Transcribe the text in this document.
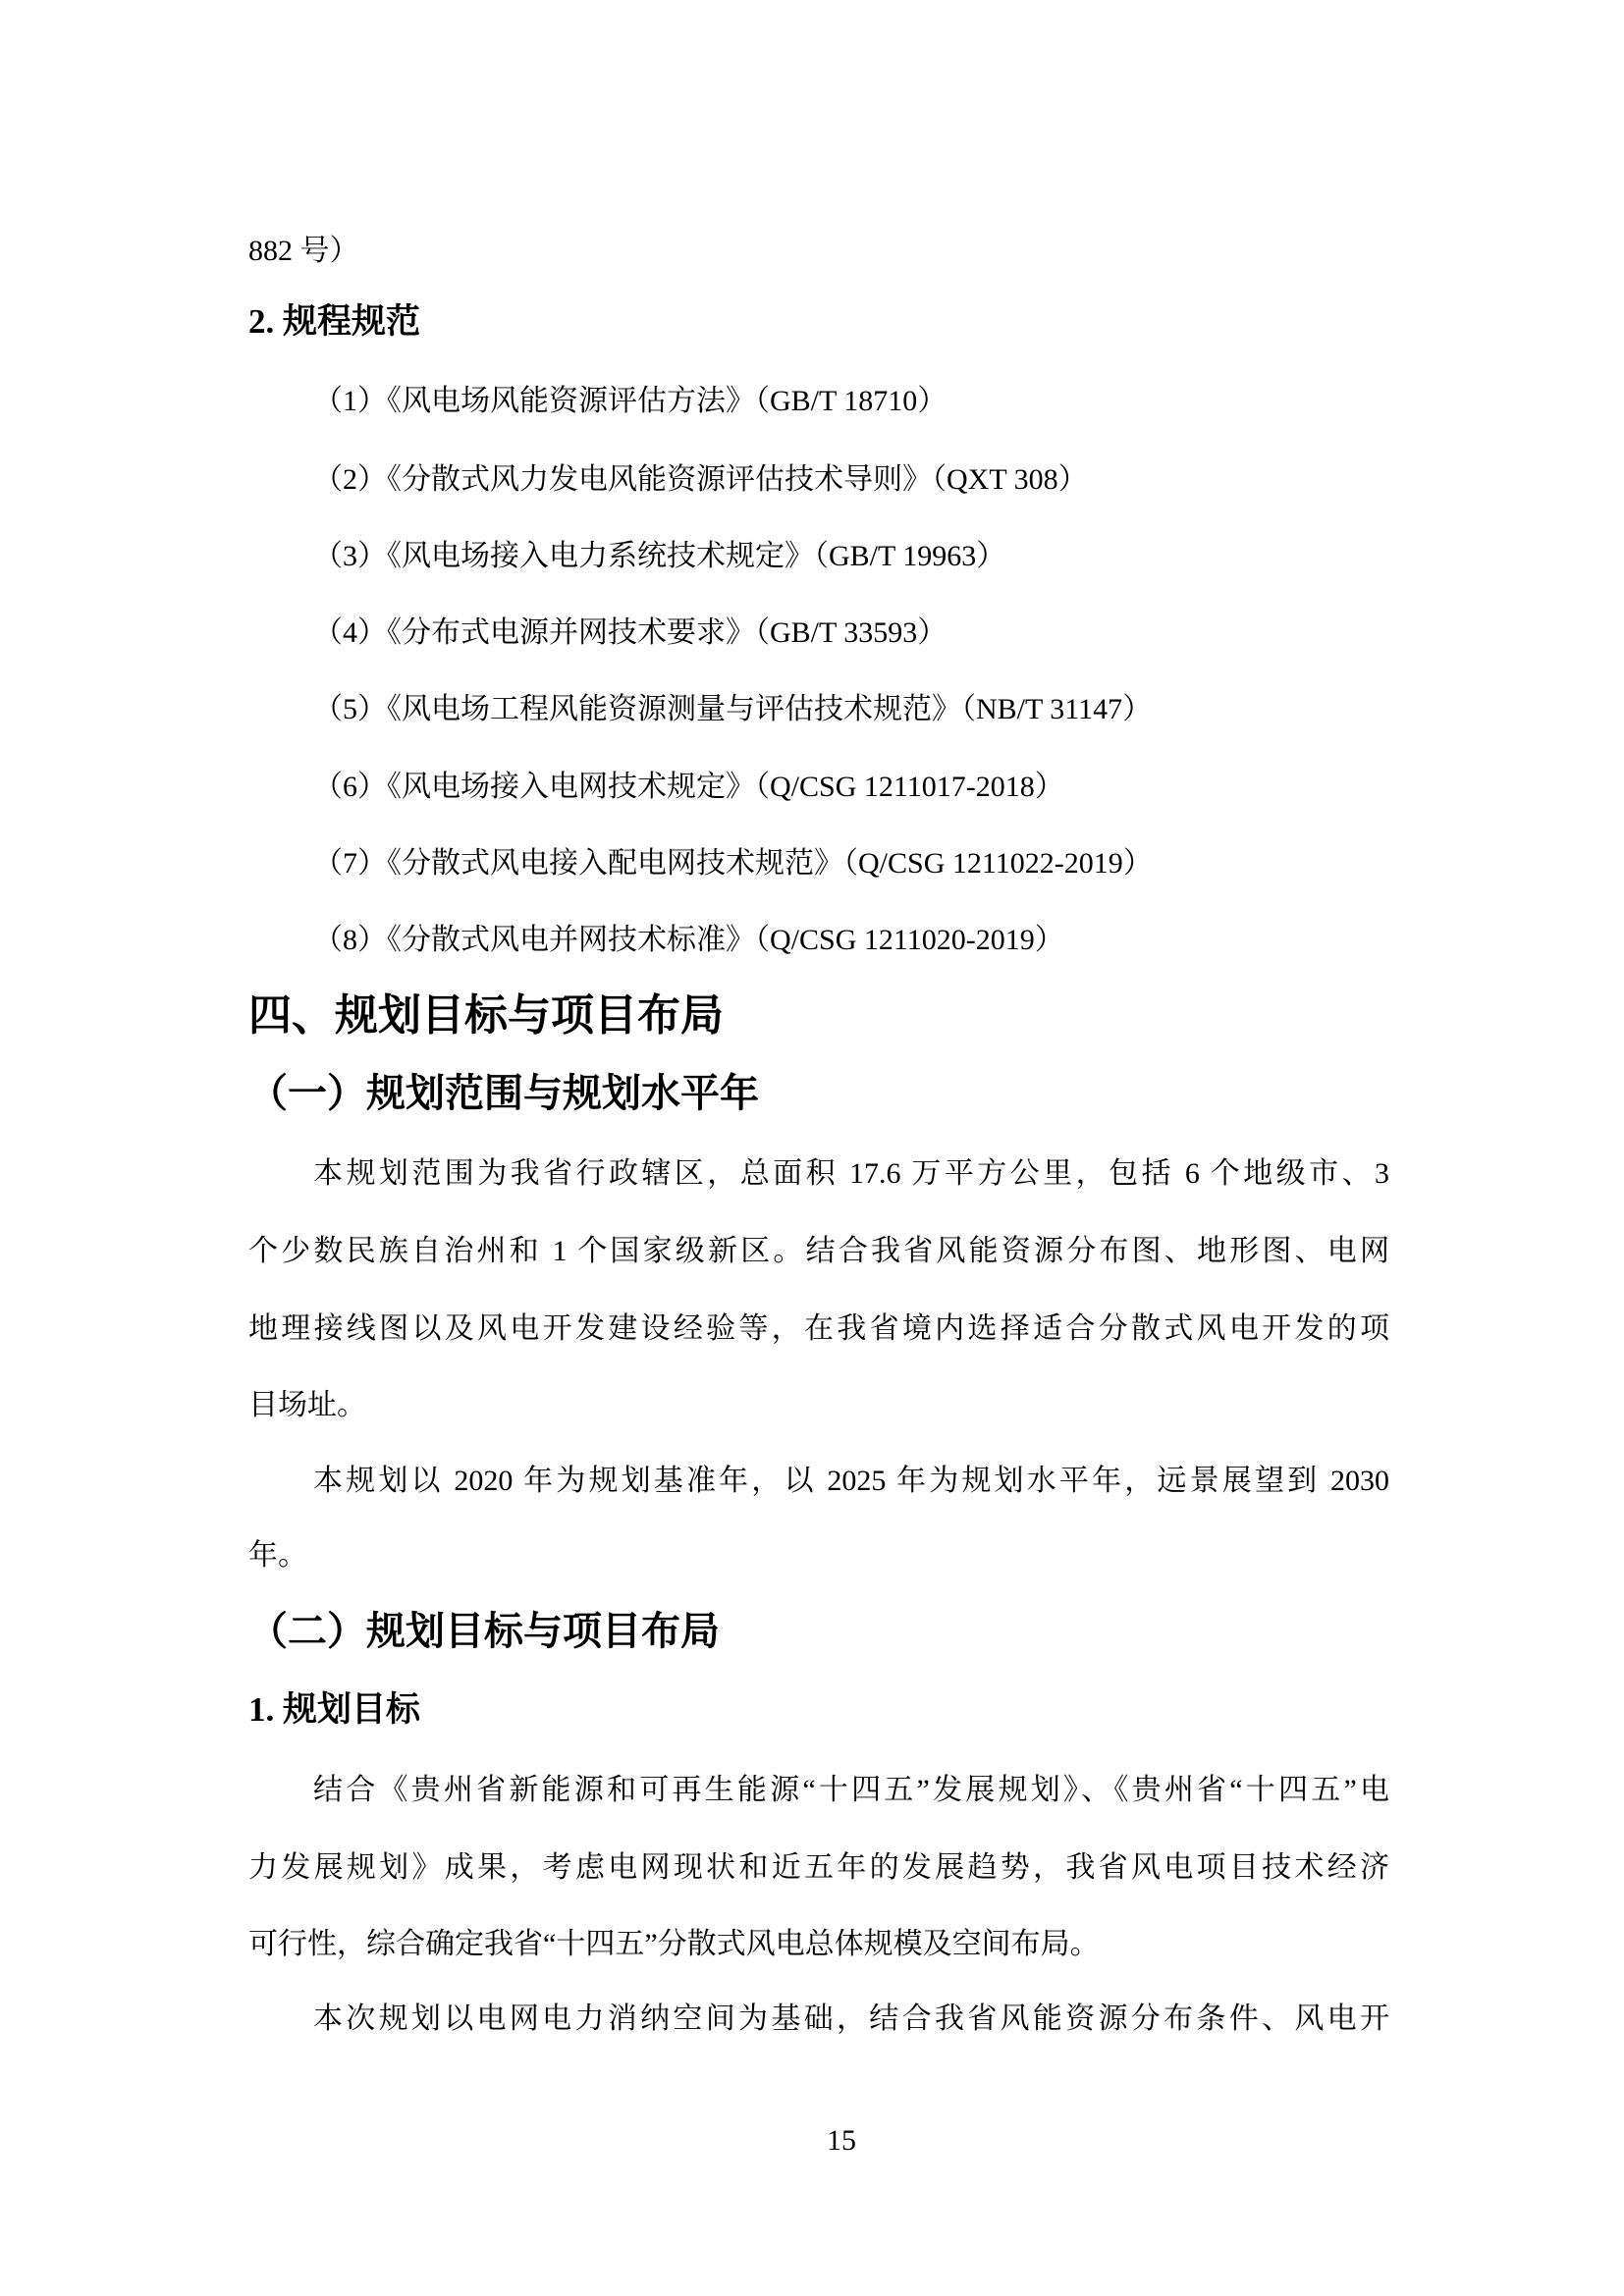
882 号）
2. 规程规范
（1）《风电场风能资源评估方法》（GB/T 18710）
（2）《分散式风力发电风能资源评估技术导则》（QXT 308）
（3）《风电场接入电力系统技术规定》（GB/T 19963）
（4）《分布式电源并网技术要求》（GB/T 33593）
（5）《风电场工程风能资源测量与评估技术规范》（NB/T 31147）
（6）《风电场接入电网技术规定》（Q/CSG 1211017-2018）
（7）《分散式风电接入配电网技术规范》（Q/CSG 1211022-2019）
（8）《分散式风电并网技术标准》（Q/CSG 1211020-2019）
四、规划目标与项目布局
（一）规划范围与规划水平年
本规划范围为我省行政辖区，总面积 17.6 万平方公里，包括 6 个地级市、3
个少数民族自治州和 1 个国家级新区。结合我省风能资源分布图、地形图、电网
地理接线图以及风电开发建设经验等，在我省境内选择适合分散式风电开发的项
目场址。
本规划以 2020 年为规划基准年，以 2025 年为规划水平年，远景展望到 2030
年。
（二）规划目标与项目布局
1. 规划目标
结合《贵州省新能源和可再生能源“十四五”发展规划》、《贵州省“十四五”电
力发展规划》成果，考虑电网现状和近五年的发展趋势，我省风电项目技术经济
可行性，综合确定我省“十四五”分散式风电总体规模及空间布局。
本次规划以电网电力消纳空间为基础，结合我省风能资源分布条件、风电开
15
